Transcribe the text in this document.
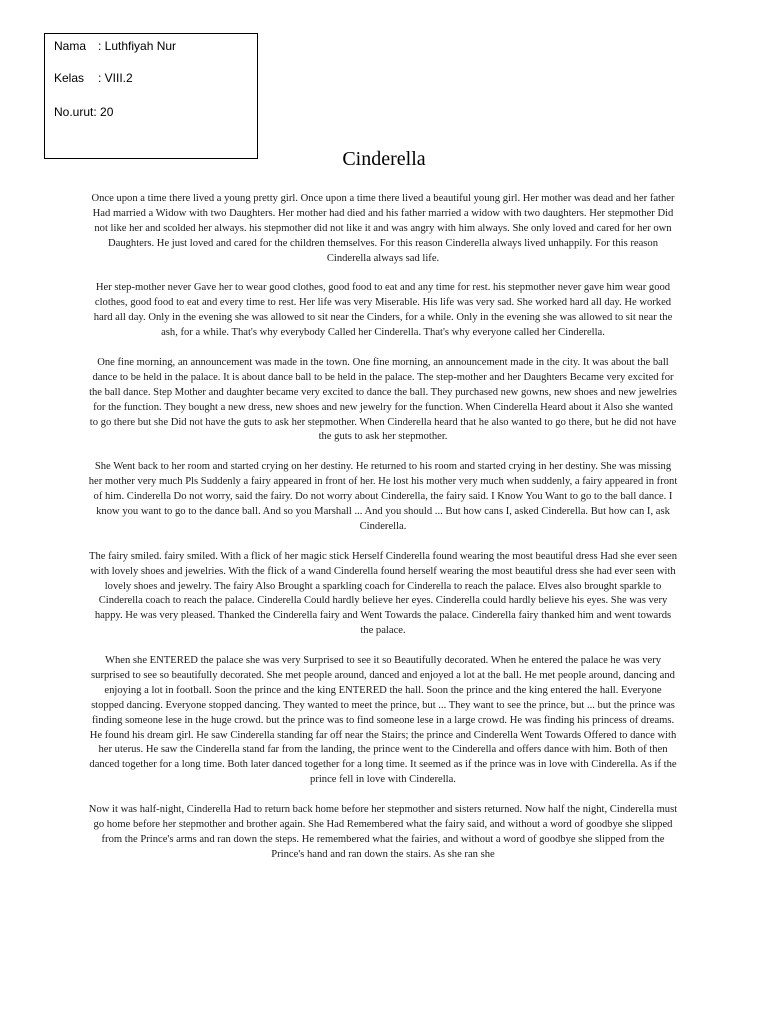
Nama : Luthfiyah Nur
Kelas : VIII.2
No.urut: 20
Cinderella

Once upon a time there lived a young pretty girl. Once upon a time there lived a beautiful young girl. Her mother was dead and her father Had married a Widow with two Daughters. Her mother had died and his father married a widow with two daughters. Her stepmother Did not like her and scolded her always. his stepmother did not like it and was angry with him always. She only loved and cared for her own Daughters. He just loved and cared for the children themselves. For this reason Cinderella always lived unhappily. For this reason Cinderella always sad life.

Her step-mother never Gave her to wear good clothes, good food to eat and any time for rest. his stepmother never gave him wear good clothes, good food to eat and every time to rest. Her life was very Miserable. His life was very sad. She worked hard all day. He worked hard all day. Only in the evening she was allowed to sit near the Cinders, for a while. Only in the evening she was allowed to sit near the ash, for a while. That's why everybody Called her Cinderella. That's why everyone called her Cinderella.

One fine morning, an announcement was made in the town. One fine morning, an announcement made in the city. It was about the ball dance to be held in the palace. It is about dance ball to be held in the palace. The step-mother and her Daughters Became very excited for the ball dance. Step Mother and daughter became very excited to dance the ball. They purchased new gowns, new shoes and new jewelries for the function. They bought a new dress, new shoes and new jewelry for the function. When Cinderella Heard about it Also she wanted to go there but she Did not have the guts to ask her stepmother. When Cinderella heard that he also wanted to go there, but he did not have the guts to ask her stepmother.

She Went back to her room and started crying on her destiny. He returned to his room and started crying in her destiny. She was missing her mother very much Pls Suddenly a fairy appeared in front of her. He lost his mother very much when suddenly, a fairy appeared in front of him. Cinderella Do not worry, said the fairy. Do not worry about Cinderella, the fairy said. I Know You Want to go to the ball dance. I know you want to go to the dance ball. And so you Marshall ... And you should ... But how cans I, asked Cinderella. But how can I, ask Cinderella.

The fairy smiled. fairy smiled. With a flick of her magic stick Herself Cinderella found wearing the most beautiful dress Had she ever seen with lovely shoes and jewelries. With the flick of a wand Cinderella found herself wearing the most beautiful dress she had ever seen with lovely shoes and jewelry. The fairy Also Brought a sparkling coach for Cinderella to reach the palace. Elves also brought sparkle to Cinderella coach to reach the palace. Cinderella Could hardly believe her eyes. Cinderella could hardly believe his eyes. She was very happy. He was very pleased. Thanked the Cinderella fairy and Went Towards the palace. Cinderella fairy thanked him and went towards the palace.

When she ENTERED the palace she was very Surprised to see it so Beautifully decorated. When he entered the palace he was very surprised to see so beautifully decorated. She met people around, danced and enjoyed a lot at the ball. He met people around, dancing and enjoying a lot in football. Soon the prince and the king ENTERED the hall. Soon the prince and the king entered the hall. Everyone stopped dancing. Everyone stopped dancing. They wanted to meet the prince, but ... They want to see the prince, but ... but the prince was finding someone lese in the huge crowd. but the prince was to find someone lese in a large crowd. He was finding his princess of dreams. He found his dream girl. He saw Cinderella standing far off near the Stairs; the prince and Cinderella Went Towards Offered to dance with her uterus. He saw the Cinderella stand far from the landing, the prince went to the Cinderella and offers dance with him. Both of then danced together for a long time. Both later danced together for a long time. It seemed as if the prince was in love with Cinderella. As if the prince fell in love with Cinderella.

Now it was half-night, Cinderella Had to return back home before her stepmother and sisters returned. Now half the night, Cinderella must go home before her stepmother and brother again. She Had Remembered what the fairy said, and without a word of goodbye she slipped from the Prince's arms and ran down the steps. He remembered what the fairies, and without a word of goodbye she slipped from the Prince's hand and ran down the stairs. As she ran she
